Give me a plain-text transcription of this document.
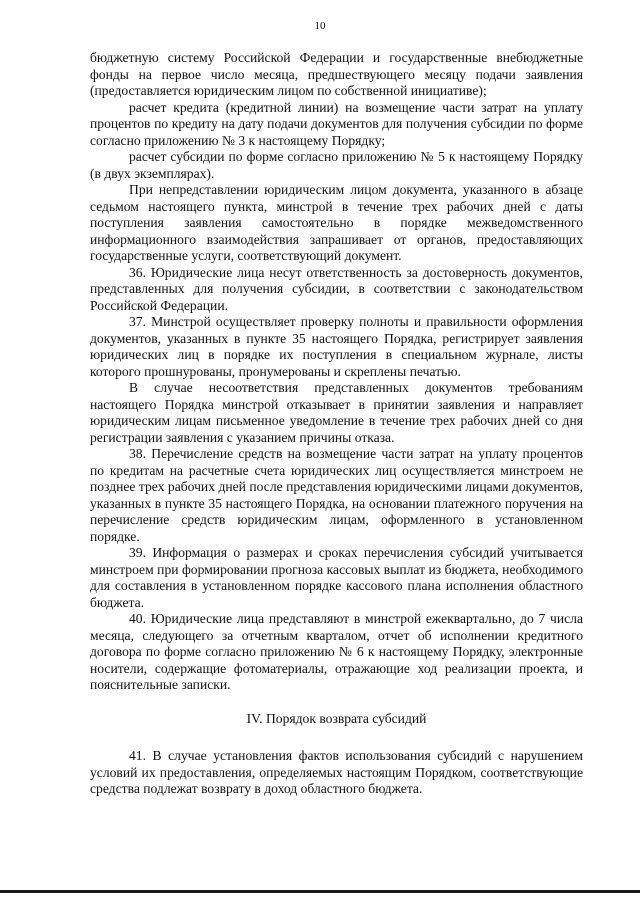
10

бюджетную систему Российской Федерации и государственные внебюджетные фонды на первое число месяца, предшествующего месяцу подачи заявления (предоставляется юридическим лицом по собственной инициативе);

расчет кредита (кредитной линии) на возмещение части затрат на уплату процентов по кредиту на дату подачи документов для получения субсидии по форме согласно приложению № 3 к настоящему Порядку;

расчет субсидии по форме согласно приложению № 5 к настоящему Порядку (в двух экземплярах).

При непредставлении юридическим лицом документа, указанного в абзаце седьмом настоящего пункта, минстрой в течение трех рабочих дней с даты поступления заявления самостоятельно в порядке межведомственного информационного взаимодействия запрашивает от органов, предоставляющих государственные услуги, соответствующий документ.

36. Юридические лица несут ответственность за достоверность документов, представленных для получения субсидии, в соответствии с законодательством Российской Федерации.

37. Минстрой осуществляет проверку полноты и правильности оформления документов, указанных в пункте 35 настоящего Порядка, регистрирует заявления юридических лиц в порядке их поступления в специальном журнале, листы которого прошнурованы, пронумерованы и скреплены печатью.

В случае несоответствия представленных документов требованиям настоящего Порядка минстрой отказывает в принятии заявления и направляет юридическим лицам письменное уведомление в течение трех рабочих дней со дня регистрации заявления с указанием причины отказа.

38. Перечисление средств на возмещение части затрат на уплату процентов по кредитам на расчетные счета юридических лиц осуществляется минстроем не позднее трех рабочих дней после представления юридическими лицами документов, указанных в пункте 35 настоящего Порядка, на основании платежного поручения на перечисление средств юридическим лицам, оформленного в установленном порядке.

39. Информация о размерах и сроках перечисления субсидий учитывается минстроем при формировании прогноза кассовых выплат из бюджета, необходимого для составления в установленном порядке кассового плана исполнения областного бюджета.

40. Юридические лица представляют в минстрой ежеквартально, до 7 числа месяца, следующего за отчетным кварталом, отчет об исполнении кредитного договора по форме согласно приложению № 6 к настоящему Порядку, электронные носители, содержащие фотоматериалы, отражающие ход реализации проекта, и пояснительные записки.

IV. Порядок возврата субсидий

41. В случае установления фактов использования субсидий с нарушением условий их предоставления, определяемых настоящим Порядком, соответствующие средства подлежат возврату в доход областного бюджета.
